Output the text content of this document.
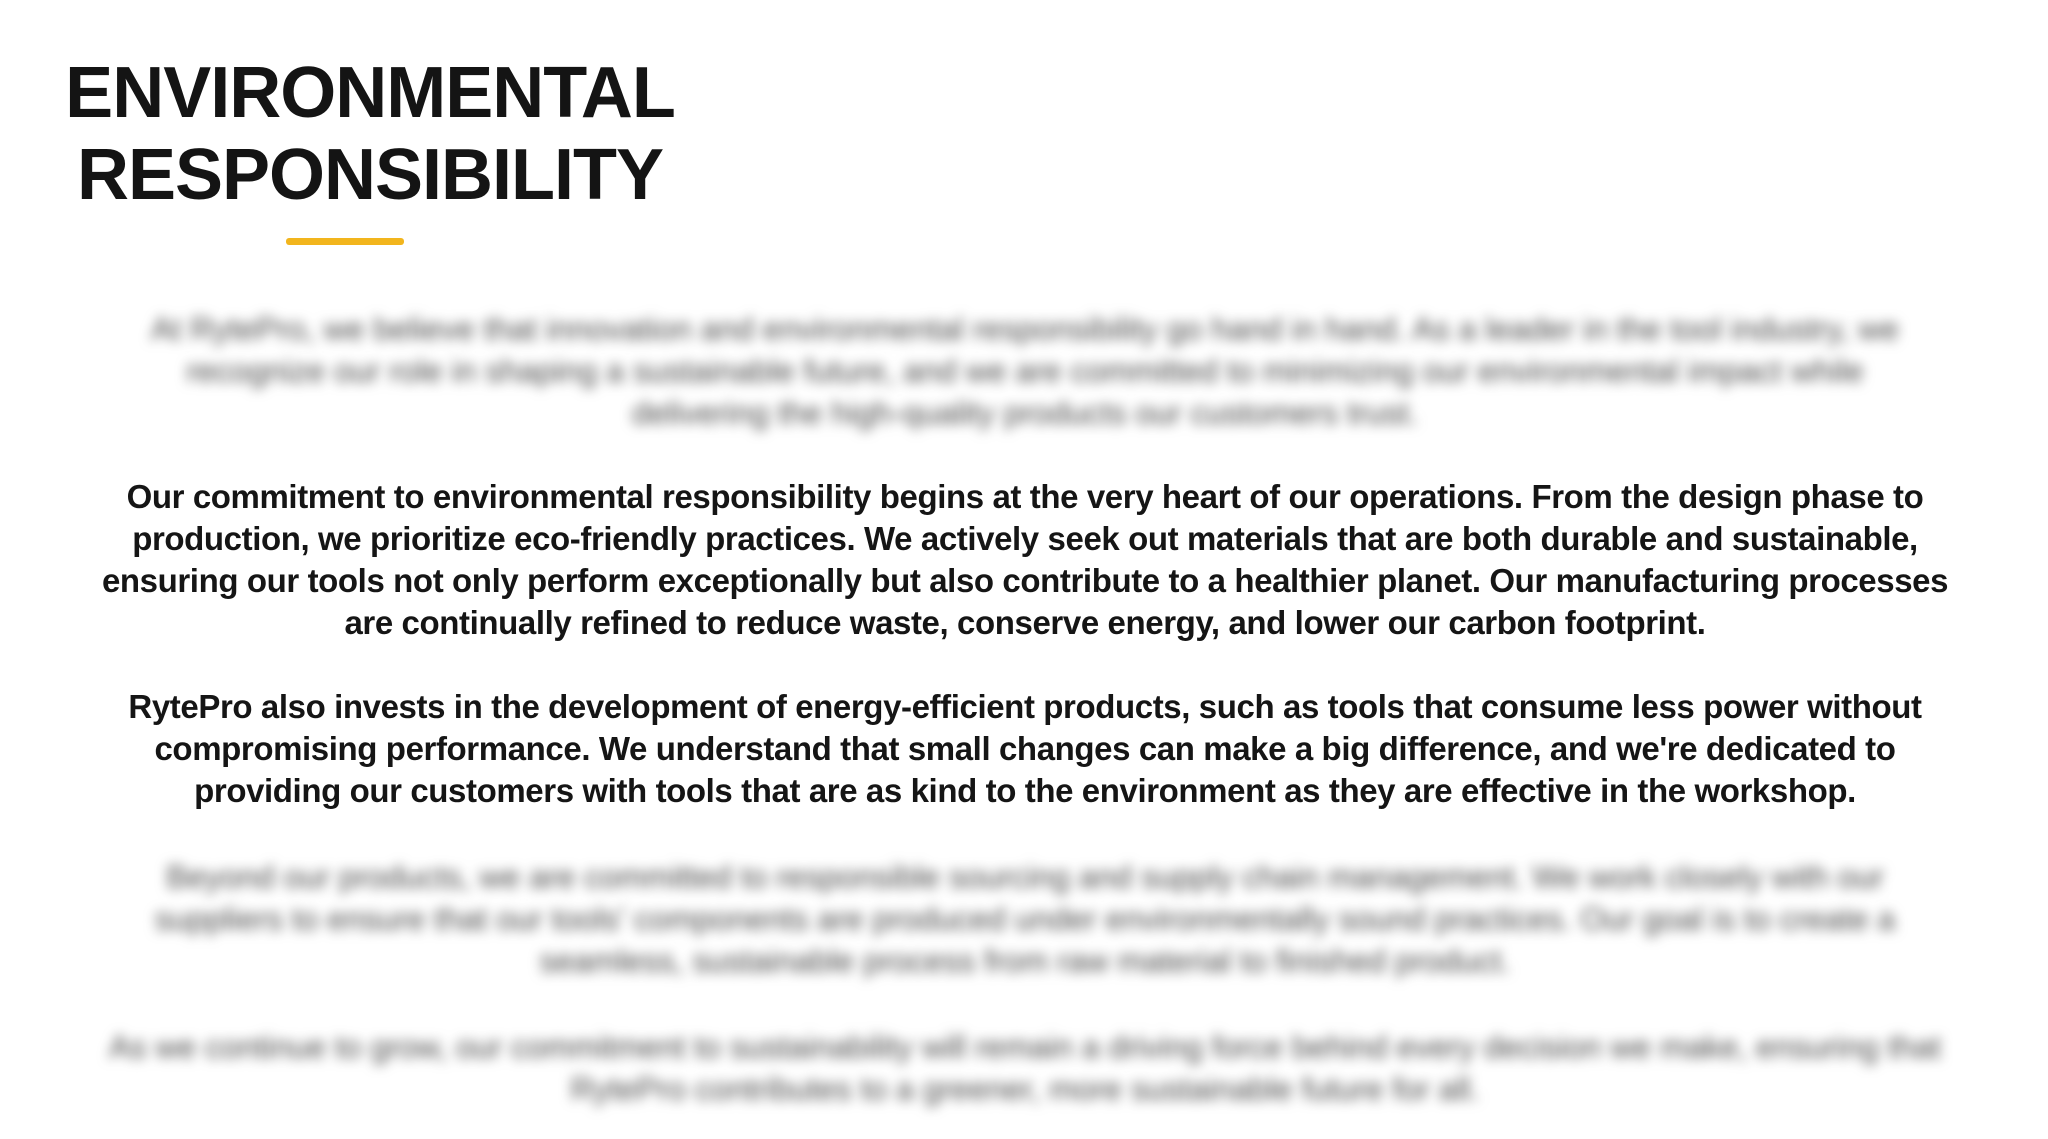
ENVIRONMENTAL
RESPONSIBILITY

At RytePro, we believe that innovation and environmental responsibility go hand in hand. As a leader in the tool industry, we recognize our role in shaping a sustainable future, and we are committed to minimizing our environmental impact while delivering the high-quality products our customers trust.

Our commitment to environmental responsibility begins at the very heart of our operations. From the design phase to production, we prioritize eco-friendly practices. We actively seek out materials that are both durable and sustainable, ensuring our tools not only perform exceptionally but also contribute to a healthier planet. Our manufacturing processes are continually refined to reduce waste, conserve energy, and lower our carbon footprint.

RytePro also invests in the development of energy-efficient products, such as tools that consume less power without compromising performance. We understand that small changes can make a big difference, and we're dedicated to providing our customers with tools that are as kind to the environment as they are effective in the workshop.

Beyond our products, we are committed to responsible sourcing and supply chain management. We work closely with our suppliers to ensure that our tools' components are produced under environmentally sound practices. Our goal is to create a seamless, sustainable process from raw material to finished product.

As we continue to grow, our commitment to sustainability will remain a driving force behind every decision we make, ensuring that RytePro contributes to a greener, more sustainable future for all.
